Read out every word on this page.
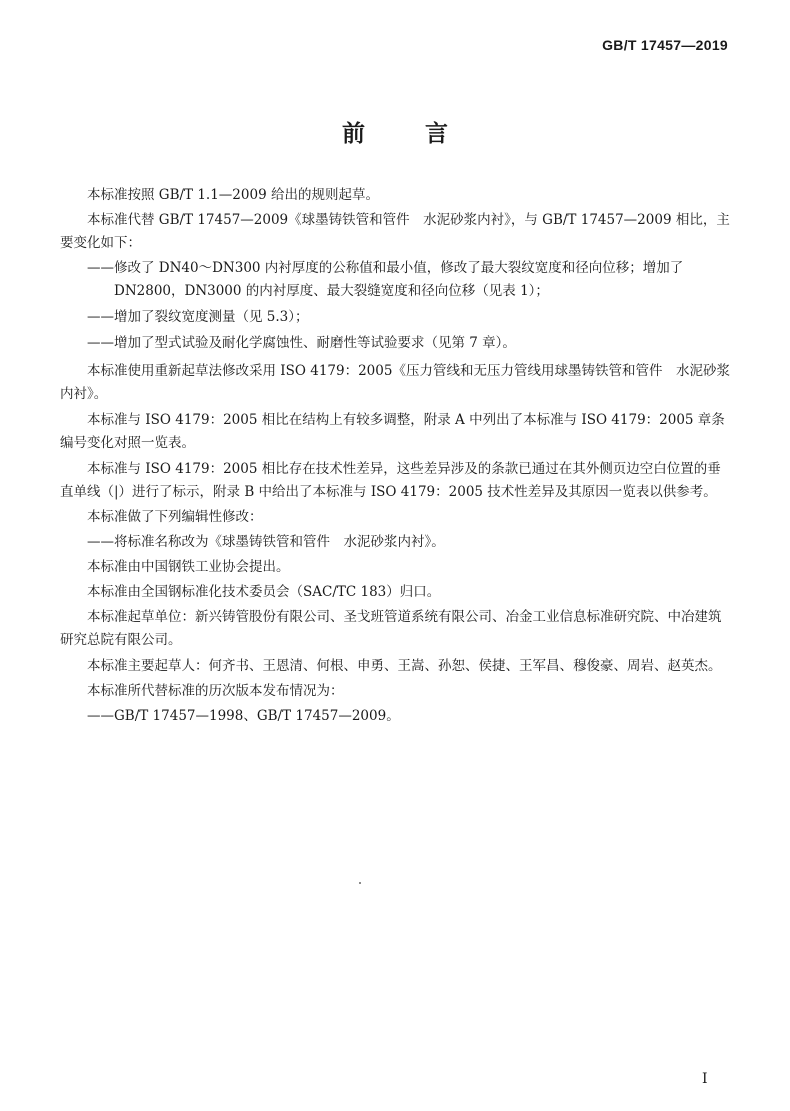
GB/T 17457—2019
前 言

本标准按照 GB/T 1.1—2009 给出的规则起草。

本标准代替 GB/T 17457—2009《球墨铸铁管和管件　水泥砂浆内衬》，与 GB/T 17457—2009 相比，主要变化如下：

——修改了 DN40～DN300 内衬厚度的公称值和最小值，修改了最大裂纹宽度和径向位移；增加了 DN2800，DN3000 的内衬厚度、最大裂缝宽度和径向位移（见表 1）；

——增加了裂纹宽度测量（见 5.3）；

——增加了型式试验及耐化学腐蚀性、耐磨性等试验要求（见第 7 章）。

本标准使用重新起草法修改采用 ISO 4179：2005《压力管线和无压力管线用球墨铸铁管和管件　水泥砂浆内衬》。

本标准与 ISO 4179：2005 相比在结构上有较多调整，附录 A 中列出了本标准与 ISO 4179：2005 章条编号变化对照一览表。

本标准与 ISO 4179：2005 相比存在技术性差异，这些差异涉及的条款已通过在其外侧页边空白位置的垂直单线（|）进行了标示，附录 B 中给出了本标准与 ISO 4179：2005 技术性差异及其原因一览表以供参考。

本标准做了下列编辑性修改：

——将标准名称改为《球墨铸铁管和管件　水泥砂浆内衬》。

本标准由中国钢铁工业协会提出。

本标准由全国钢标准化技术委员会（SAC/TC 183）归口。

本标准起草单位：新兴铸管股份有限公司、圣戈班管道系统有限公司、冶金工业信息标准研究院、中冶建筑研究总院有限公司。

本标准主要起草人：何齐书、王恩清、何根、申勇、王嵩、孙恕、侯捷、王军昌、穆俊豪、周岩、赵英杰。

本标准所代替标准的历次版本发布情况为：

——GB/T 17457—1998、GB/T 17457—2009。

I
